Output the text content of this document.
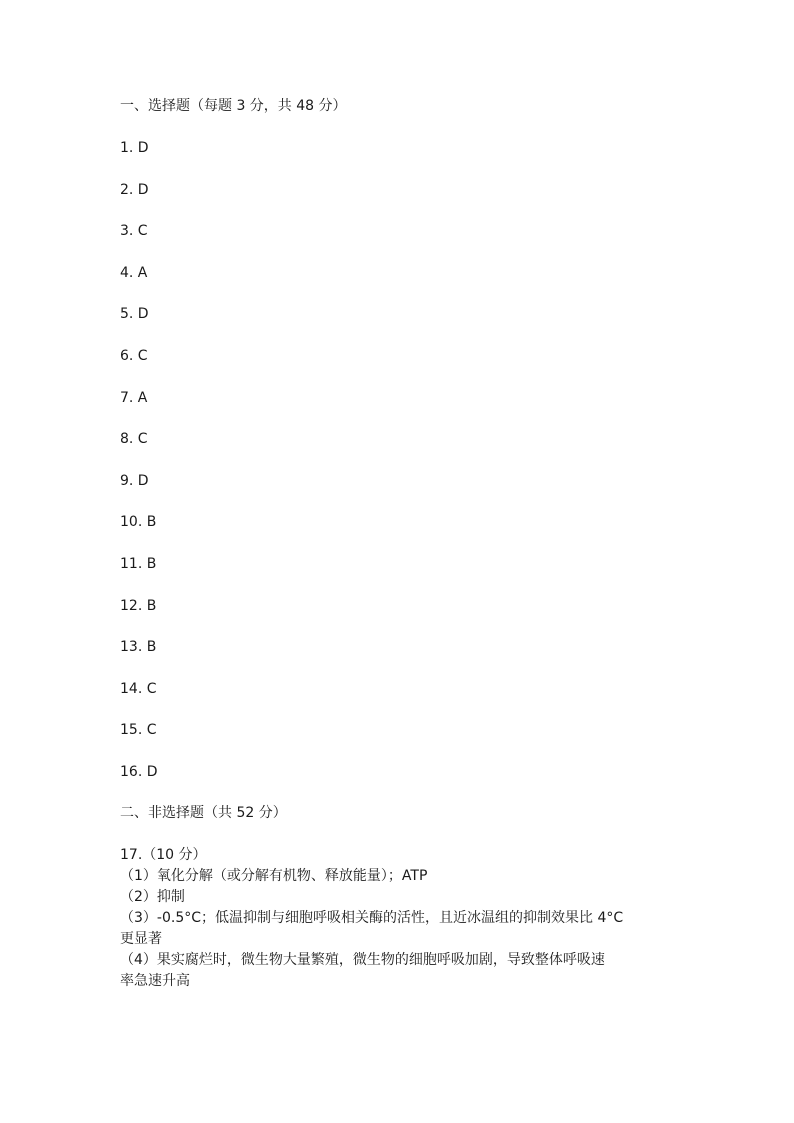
一、选择题（每题 3 分，共 48 分）
1. D
2. D
3. C
4. A
5. D
6. C
7. A
8. C
9. D
10. B
11. B
12. B
13. B
14. C
15. C
16. D
二、非选择题（共 52 分）
17.（10 分）
（1）氧化分解（或分解有机物、释放能量）；ATP
（2）抑制
（3）-0.5°C；低温抑制与细胞呼吸相关酶的活性，且近冰温组的抑制效果比 4°C
更显著
（4）果实腐烂时，微生物大量繁殖，微生物的细胞呼吸加剧，导致整体呼吸速
率急速升高
